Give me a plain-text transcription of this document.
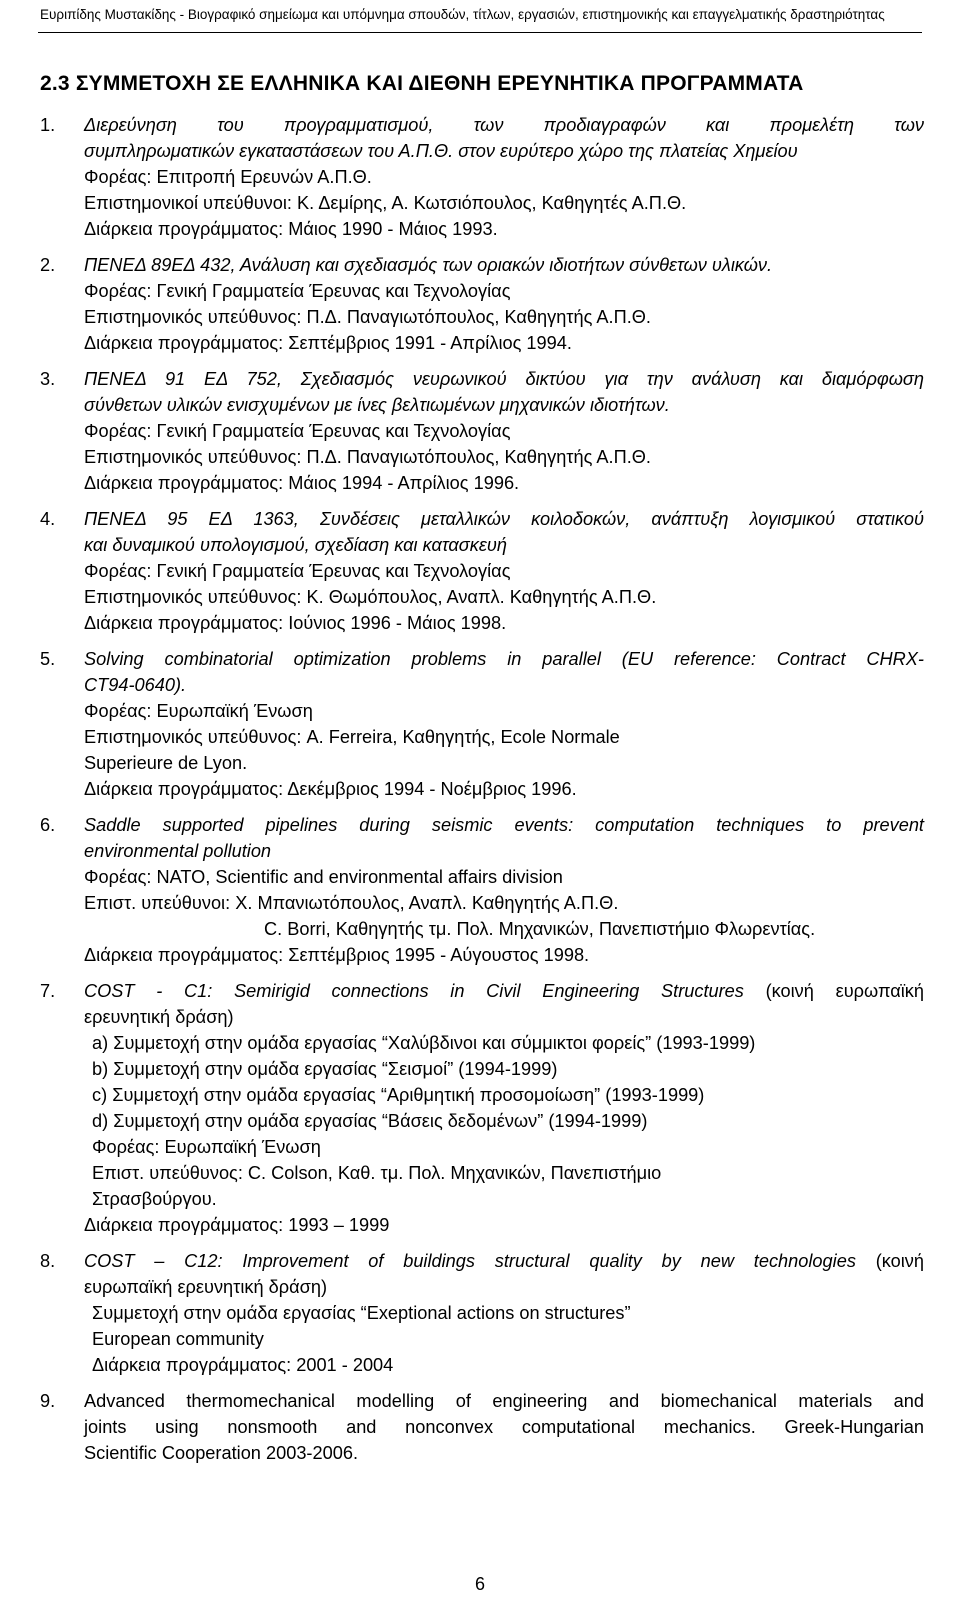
Ευριπίδης Μυστακίδης - Βιογραφικό σημείωμα και υπόμνημα σπουδών, τίτλων, εργασιών, επιστημονικής και επαγγελματικής δραστηριότητας
2.3 ΣΥΜΜΕΤΟΧΗ ΣΕ ΕΛΛΗΝΙΚΑ ΚΑΙ ΔΙΕΘΝΗ ΕΡΕΥΝΗΤΙΚΑ ΠΡΟΓΡΑΜΜΑΤΑ
1.	Διερεύνηση του προγραμματισμού, των προδιαγραφών και προμελέτη των
συμπληρωματικών εγκαταστάσεων του Α.Π.Θ. στον ευρύτερο χώρο της πλατείας Χημείου
Φορέας: Επιτροπή Ερευνών Α.Π.Θ.
Επιστημονικοί υπεύθυνοι: Κ. Δεμίρης, Α. Κωτσιόπουλος, Καθηγητές Α.Π.Θ.
Διάρκεια προγράμματος: Μάιος 1990 - Μάιος 1993.
2.	ΠΕΝΕΔ 89ΕΔ 432, Ανάλυση και σχεδιασμός των οριακών ιδιοτήτων σύνθετων υλικών.
Φορέας: Γενική Γραμματεία Έρευνας και Τεχνολογίας
Επιστημονικός υπεύθυνος: Π.Δ. Παναγιωτόπουλος, Καθηγητής Α.Π.Θ.
Διάρκεια προγράμματος: Σεπτέμβριος 1991 - Απρίλιος 1994.
3.	ΠΕΝΕΔ 91 ΕΔ 752, Σχεδιασμός νευρωνικού δικτύου για την ανάλυση και διαμόρφωση
σύνθετων υλικών ενισχυμένων με ίνες βελτιωμένων μηχανικών ιδιοτήτων.
Φορέας: Γενική Γραμματεία Έρευνας και Τεχνολογίας
Επιστημονικός υπεύθυνος: Π.Δ. Παναγιωτόπουλος, Καθηγητής Α.Π.Θ.
Διάρκεια προγράμματος: Μάιος 1994 - Απρίλιος 1996.
4.	ΠΕΝΕΔ 95 ΕΔ 1363, Συνδέσεις μεταλλικών κοιλοδοκών, ανάπτυξη λογισμικού στατικού
και δυναμικού υπολογισμού, σχεδίαση και κατασκευή
Φορέας: Γενική Γραμματεία Έρευνας και Τεχνολογίας
Επιστημονικός υπεύθυνος: Κ. Θωμόπουλος, Αναπλ. Καθηγητής Α.Π.Θ.
Διάρκεια προγράμματος: Ιούνιος 1996 - Μάιος 1998.
5.	Solving combinatorial optimization problems in parallel (EU reference: Contract CHRX-
CT94-0640).
Φορέας: Ευρωπαϊκή Ένωση
Επιστημονικός υπεύθυνος: A. Ferreira, Καθηγητής, Ecole Normale
Superieure de Lyon.
Διάρκεια προγράμματος: Δεκέμβριος 1994 - Νοέμβριος 1996.
6.	Saddle supported pipelines during seismic events: computation techniques to prevent
environmental pollution
Φορέας: NATO, Scientific and environmental affairs division
Επιστ. υπεύθυνοι: Χ. Μπανιωτόπουλος, Αναπλ. Καθηγητής Α.Π.Θ.
C. Borri, Καθηγητής τμ. Πολ. Μηχανικών, Πανεπιστήμιο Φλωρεντίας.
Διάρκεια προγράμματος: Σεπτέμβριος 1995 - Αύγουστος 1998.
7.	COST - C1: Semirigid connections in Civil Engineering Structures (κοινή ευρωπαϊκή
ερευνητική δράση)
a) Συμμετοχή στην ομάδα εργασίας “Χαλύβδινοι και σύμμικτοι φορείς” (1993-1999)
b) Συμμετοχή στην ομάδα εργασίας “Σεισμοί” (1994-1999)
c) Συμμετοχή στην ομάδα εργασίας “Αριθμητική προσομοίωση” (1993-1999)
d) Συμμετοχή στην ομάδα εργασίας “Βάσεις δεδομένων” (1994-1999)
Φορέας: Ευρωπαϊκή Ένωση
Επιστ. υπεύθυνος: C. Colson, Καθ. τμ. Πολ. Μηχανικών, Πανεπιστήμιο
Στρασβούργου.
Διάρκεια προγράμματος: 1993 – 1999
8.	COST – C12: Improvement of buildings structural quality by new technologies (κοινή
ευρωπαϊκή ερευνητική δράση)
Συμμετοχή στην ομάδα εργασίας “Exeptional actions on structures”
European community
Διάρκεια προγράμματος: 2001 - 2004
9.	Advanced thermomechanical modelling of engineering and biomechanical materials and
joints using nonsmooth and nonconvex computational mechanics. Greek-Hungarian
Scientific Cooperation 2003-2006.
6
